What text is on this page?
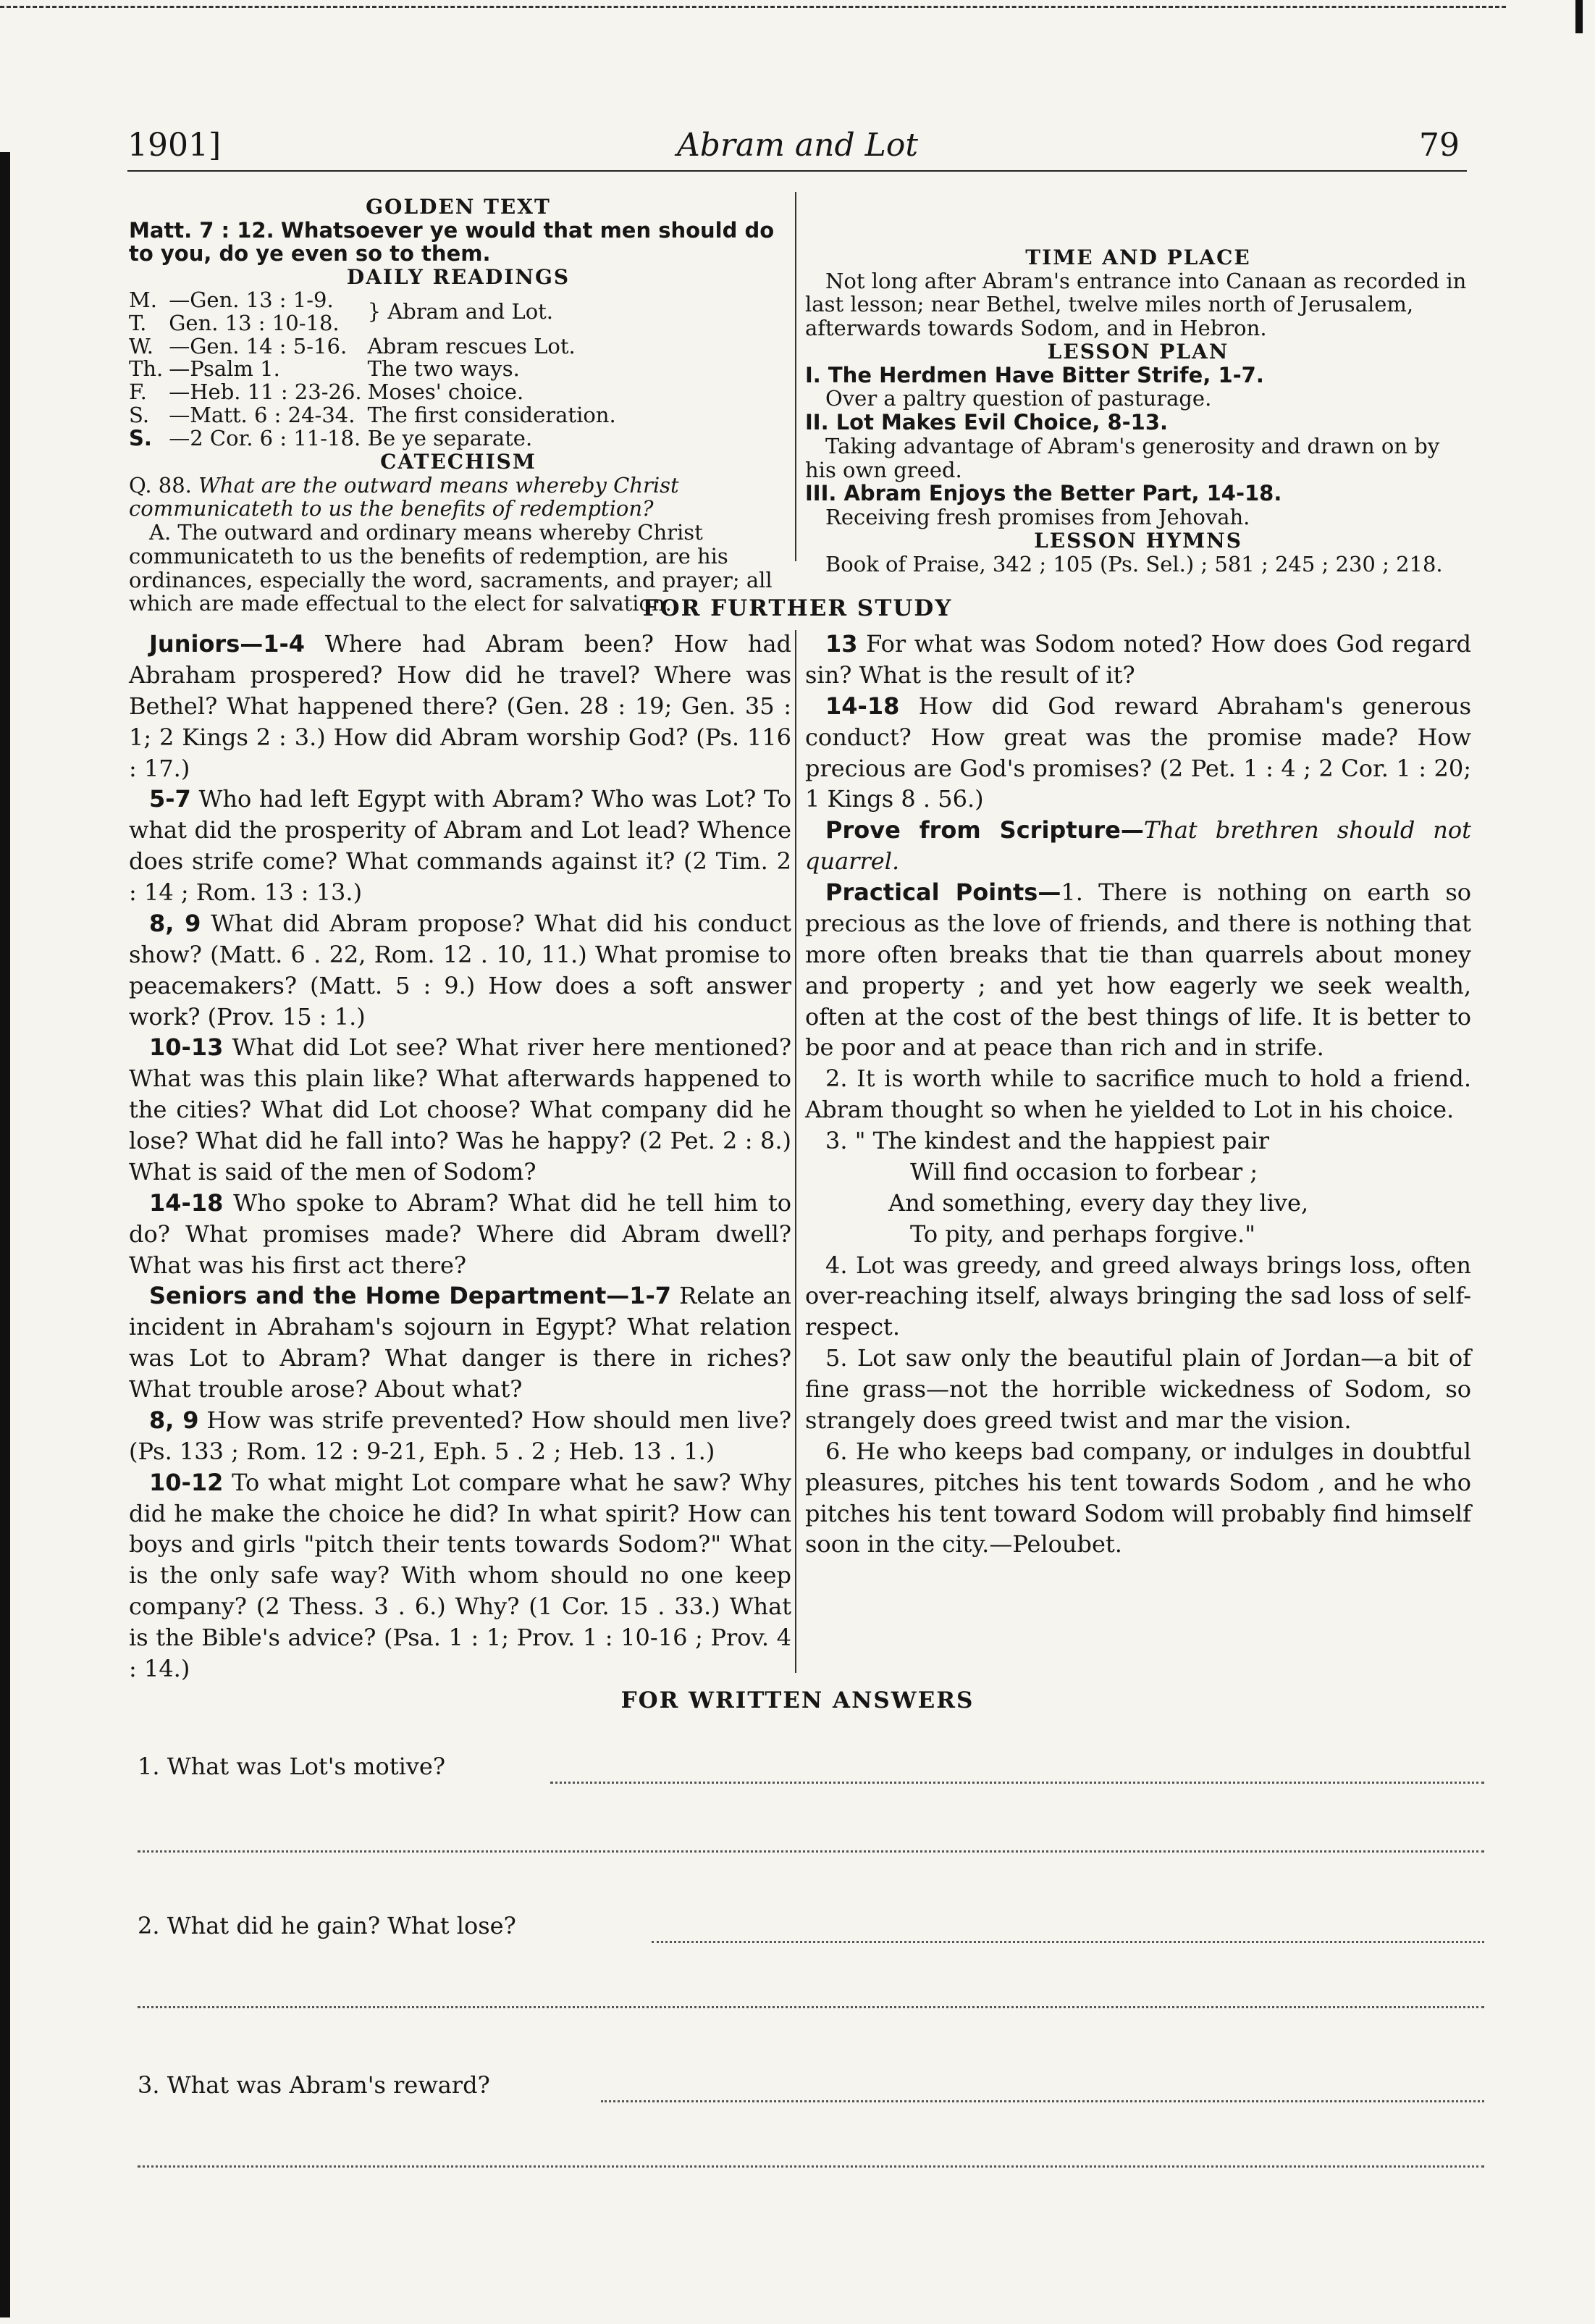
Abram and Lot
1901]	79
GOLDEN TEXT

Matt. 7 : 12. Whatsoever ye would that men should do to you, do ye even so to them.

DAILY READINGS
M.	—Gen. 13 : 1-9.	} Abram and Lot.
T.	Gen. 13 : 10-18.	
W.	—Gen. 14 : 5-16.	Abram rescues Lot.
Th.	—Psalm 1.	The two ways.
F.	—Heb. 11 : 23-26.	Moses' choice.
S.	—Matt. 6 : 24-34.	The first consideration.
S.	—2 Cor. 6 : 11-18.	Be ye separate.
CATECHISM

Q. 88. What are the outward means whereby Christ communicateth to us the benefits of redemption?

A. The outward and ordinary means whereby Christ communicateth to us the benefits of redemption, are his ordinances, especially the word, sacraments, and prayer; all which are made effectual to the elect for salvation.

TIME AND PLACE

Not long after Abram's entrance into Canaan as recorded in last lesson; near Bethel, twelve miles north of Jerusalem, afterwards towards Sodom, and in Hebron.

LESSON PLAN

I. The Herdmen Have Bitter Strife, 1-7.

Over a paltry question of pasturage.

II. Lot Makes Evil Choice, 8-13.

Taking advantage of Abram's generosity and drawn on by his own greed.

III. Abram Enjoys the Better Part, 14-18.

Receiving fresh promises from Jehovah.

LESSON HYMNS

Book of Praise, 342 ; 105 (Ps. Sel.) ; 581 ; 245 ; 230 ; 218.

FOR FURTHER STUDY

Juniors—1-4 Where had Abram been? How had Abraham prospered? How did he travel? Where was Bethel? What happened there? (Gen. 28 : 19; Gen. 35 : 1; 2 Kings 2 : 3.) How did Abram worship God? (Ps. 116 : 17.)

5-7 Who had left Egypt with Abram? Who was Lot? To what did the prosperity of Abram and Lot lead? Whence does strife come? What commands against it? (2 Tim. 2 : 14 ; Rom. 13 : 13.)

8, 9 What did Abram propose? What did his conduct show? (Matt. 6 . 22, Rom. 12 . 10, 11.) What promise to peacemakers? (Matt. 5 : 9.) How does a soft answer work? (Prov. 15 : 1.)

10-13 What did Lot see? What river here mentioned? What was this plain like? What afterwards happened to the cities? What did Lot choose? What company did he lose? What did he fall into? Was he happy? (2 Pet. 2 : 8.) What is said of the men of Sodom?

14-18 Who spoke to Abram? What did he tell him to do? What promises made? Where did Abram dwell? What was his first act there?

Seniors and the Home Department—1-7 Relate an incident in Abraham's sojourn in Egypt? What relation was Lot to Abram? What danger is there in riches? What trouble arose? About what?

8, 9 How was strife prevented? How should men live? (Ps. 133 ; Rom. 12 : 9-21, Eph. 5 . 2 ; Heb. 13 . 1.)

10-12 To what might Lot compare what he saw? Why did he make the choice he did? In what spirit? How can boys and girls "pitch their tents towards Sodom?" What is the only safe way? With whom should no one keep company? (2 Thess. 3 . 6.) Why? (1 Cor. 15 . 33.) What is the Bible's advice? (Psa. 1 : 1; Prov. 1 : 10-16 ; Prov. 4 : 14.)

13 For what was Sodom noted? How does God regard sin? What is the result of it?

14-18 How did God reward Abraham's generous conduct? How great was the promise made? How precious are God's promises? (2 Pet. 1 : 4 ; 2 Cor. 1 : 20; 1 Kings 8 . 56.)

Prove from Scripture—That brethren should not quarrel.

Practical Points—1. There is nothing on earth so precious as the love of friends, and there is nothing that more often breaks that tie than quarrels about money and property ; and yet how eagerly we seek wealth, often at the cost of the best things of life. It is better to be poor and at peace than rich and in strife.

2. It is worth while to sacrifice much to hold a friend. Abram thought so when he yielded to Lot in his choice.

3. " The kindest and the happiest pair

Will find occasion to forbear ;

And something, every day they live,

To pity, and perhaps forgive."

4. Lot was greedy, and greed always brings loss, often over-reaching itself, always bringing the sad loss of self-respect.

5. Lot saw only the beautiful plain of Jordan—a bit of fine grass—not the horrible wickedness of Sodom, so strangely does greed twist and mar the vision.

6. He who keeps bad company, or indulges in doubtful pleasures, pitches his tent towards Sodom , and he who pitches his tent toward Sodom will probably find himself soon in the city.—Peloubet.

FOR WRITTEN ANSWERS
1. What was Lot's motive?
2. What did he gain? What lose?
3. What was Abram's reward?
